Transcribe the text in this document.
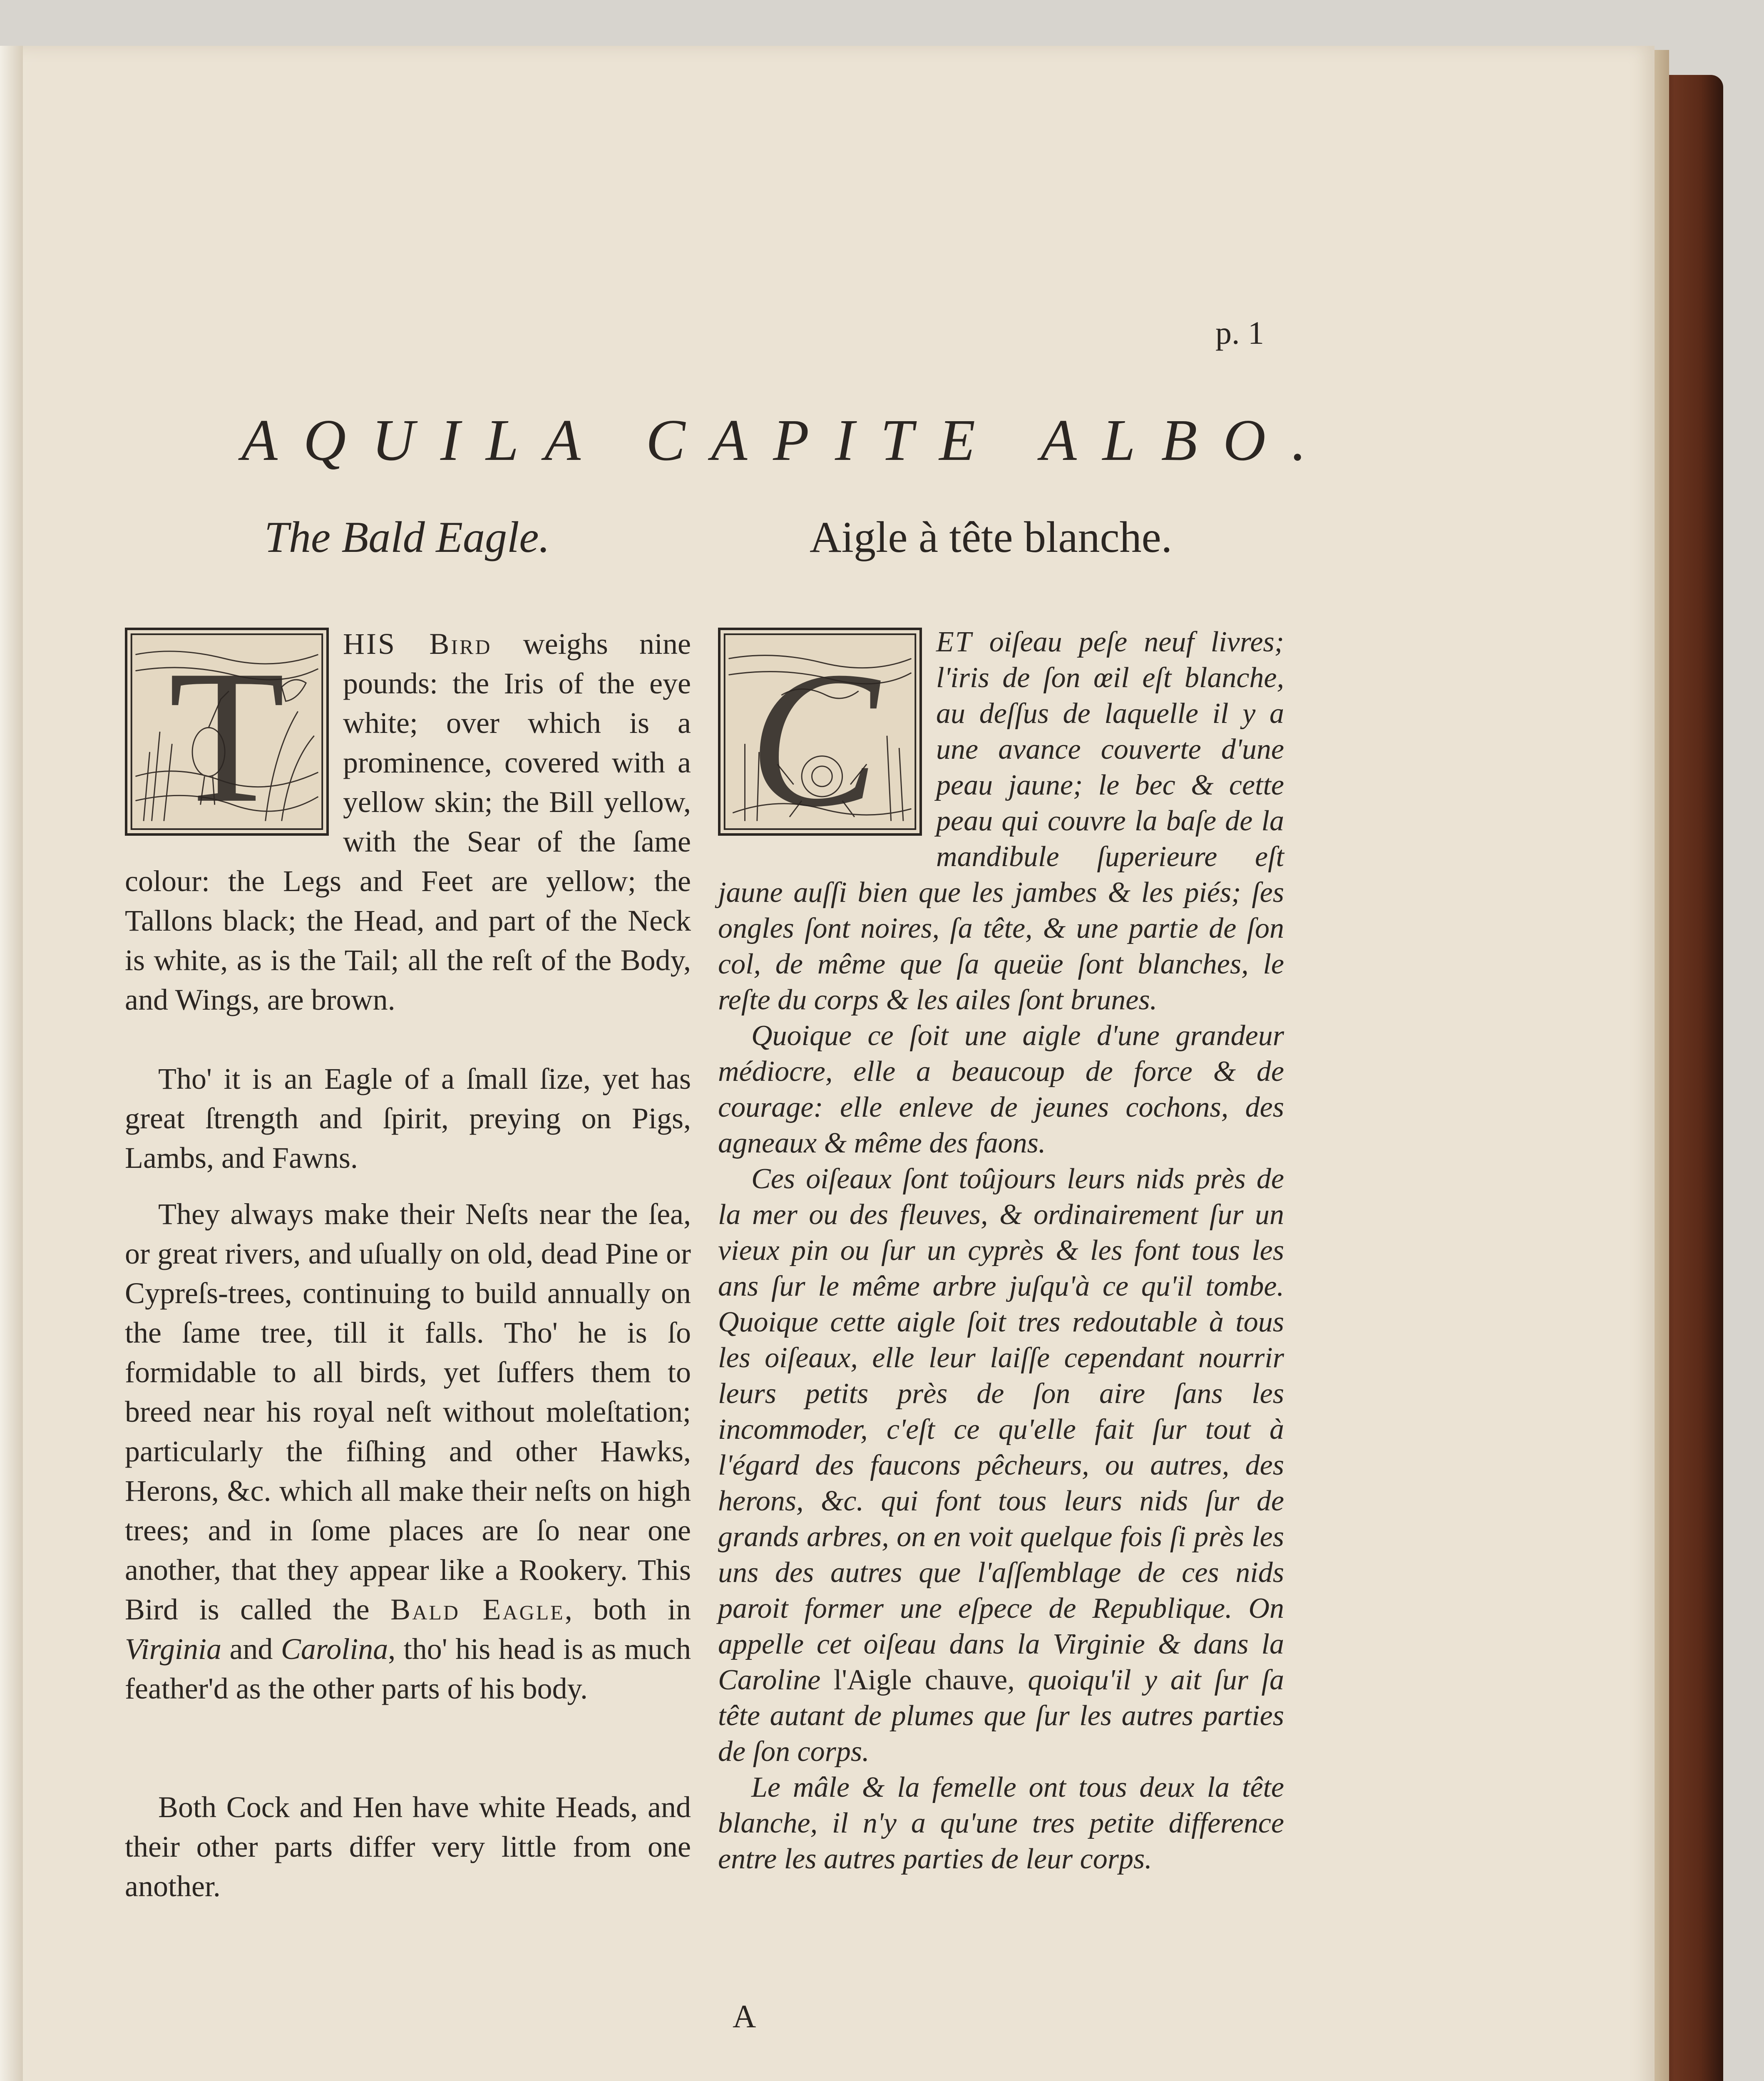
p. 1
AQUILA CAPITE ALBO.
The Bald Eagle.	Aigle à tête blanche.

T HIS Bird weighs nine pounds: the Iris of the eye white; over which is a prominence, covered with a yellow skin; the Bill yellow, with the Sear of the ſame colour: the Legs and Feet are yellow; the Tallons black; the Head, and part of the Neck is white, as is the Tail; all the reſt of the Body, and Wings, are brown.

Tho' it is an Eagle of a ſmall ſize, yet has great ſtrength and ſpirit, preying on Pigs, Lambs, and Fawns.

They always make their Neſts near the ſea, or great rivers, and uſually on old, dead Pine or Cypreſs-trees, continuing to build annually on the ſame tree, till it falls. Tho' he is ſo formidable to all birds, yet ſuffers them to breed near his royal neſt without moleſtation; particularly the fiſhing and other Hawks, Herons, &c. which all make their neſts on high trees; and in ſome places are ſo near one another, that they appear like a Rookery. This Bird is called the Bald Eagle, both in Virginia and Carolina, tho' his head is as much feather'd as the other parts of his body.

Both Cock and Hen have white Heads, and their other parts differ very little from one another.

C ET oiſeau peſe neuf livres; l'iris de ſon œil eſt blanche, au deſſus de laquelle il y a une avance couverte d'une peau jaune; le bec & cette peau qui couvre la baſe de la mandibule ſuperieure eſt jaune auſſi bien que les jambes & les piés; ſes ongles ſont noires, ſa tête, & une partie de ſon col, de même que ſa queüe ſont blanches, le reſte du corps & les ailes ſont brunes.

Quoique ce ſoit une aigle d'une grandeur médiocre, elle a beaucoup de force & de courage: elle enleve de jeunes cochons, des agneaux & même des faons.

Ces oiſeaux ſont toûjours leurs nids près de la mer ou des fleuves, & ordinairement ſur un vieux pin ou ſur un cyprès & les font tous les ans ſur le même arbre juſqu'à ce qu'il tombe. Quoique cette aigle ſoit tres redoutable à tous les oiſeaux, elle leur laiſſe cependant nourrir leurs petits près de ſon aire ſans les incommoder, c'eſt ce qu'elle fait ſur tout à l'égard des faucons pêcheurs, ou autres, des herons, &c. qui font tous leurs nids ſur de grands arbres, on en voit quelque fois ſi près les uns des autres que l'aſſemblage de ces nids paroit former une eſpece de Republique. On appelle cet oiſeau dans la Virginie & dans la Caroline l'Aigle chauve, quoiqu'il y ait ſur ſa tête autant de plumes que ſur les autres parties de ſon corps.

Le mâle & la femelle ont tous deux la tête blanche, il n'y a qu'une tres petite difference entre les autres parties de leur corps.

A
